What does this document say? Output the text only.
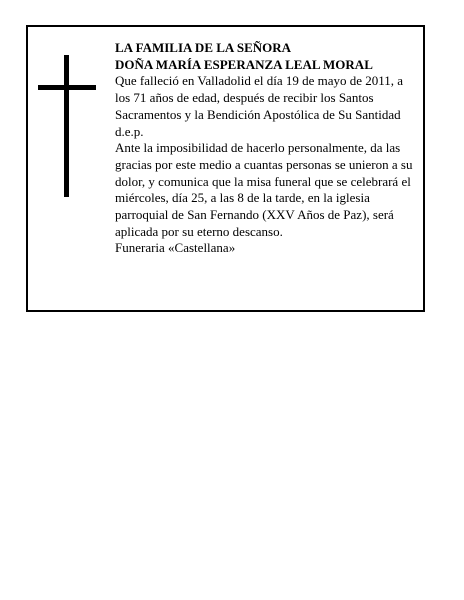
LA FAMILIA DE LA SEÑORA

DOÑA MARÍA ESPERANZA LEAL MORAL

Que falleció en Valladolid el día 19 de mayo de 2011, a los 71 años de edad, después de recibir los Santos Sacramentos y la Bendición Apostólica de Su Santidad d.e.p.

Ante la imposibilidad de hacerlo personalmente, da las gracias por este medio a cuantas personas se unieron a su dolor, y comunica que la misa funeral que se celebrará el miércoles, día 25, a las 8 de la tarde, en la iglesia parroquial de San Fernando (XXV Años de Paz), será aplicada por su eterno descanso.

Funeraria «Castellana»
